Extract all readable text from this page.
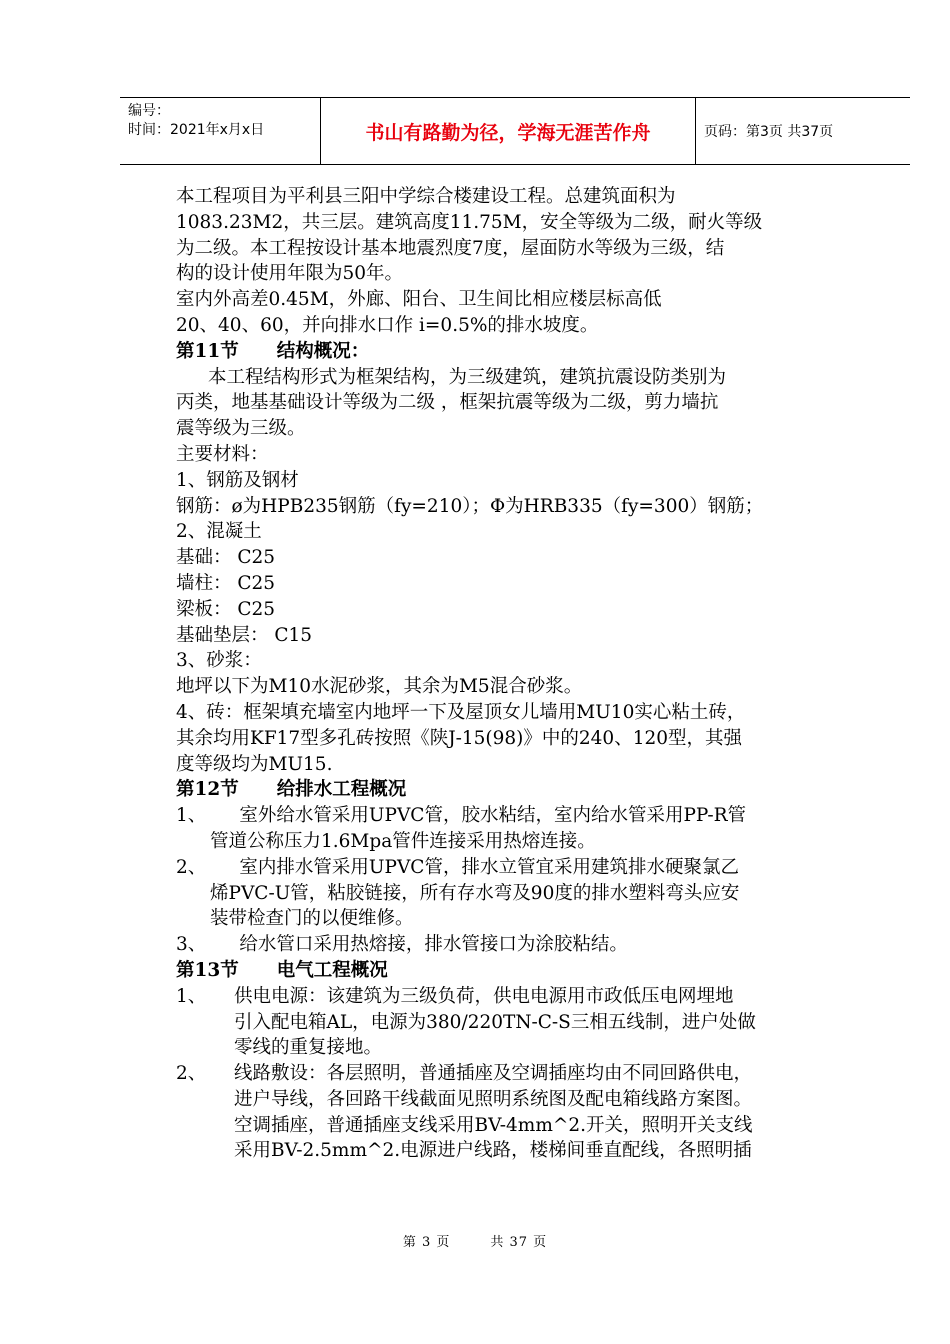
编号：
时间：2021年x月x日	书山有路勤为径，学海无涯苦作舟	页码：第3页 共37页

本工程项目为平利县三阳中学综合楼建设工程。总建筑面积为

1083.23M2，共三层。建筑高度11.75M，安全等级为二级，耐火等级

为二级。本工程按设计基本地震烈度7度，屋面防水等级为三级，结

构的设计使用年限为50年。

室内外高差0.45M，外廊、阳台、卫生间比相应楼层标高低

20、40、60，并向排水口作 i=0.5%的排水坡度。

第11节 结构概况：

本工程结构形式为框架结构，为三级建筑，建筑抗震设防类别为

丙类，地基基础设计等级为二级 ，框架抗震等级为二级，剪力墙抗

震等级为三级。

主要材料：

1、钢筋及钢材

钢筋：ø为HPB235钢筋（fy=210）；Φ为HRB335（fy=300）钢筋；

2、混凝土

基础： C25

墙柱： C25

梁板： C25

基础垫层： C15

3、砂浆：

地坪以下为M10水泥砂浆，其余为M5混合砂浆。

4、砖：框架填充墙室内地坪一下及屋顶女儿墙用MU10实心粘土砖，

其余均用KF17型多孔砖按照《陕J-15(98)》中的240、120型，其强

度等级均为MU15.

第12节 给排水工程概况

1、 室外给水管采用UPVC管，胶水粘结，室内给水管采用PP-R管

管道公称压力1.6Mpa管件连接采用热熔连接。

2、 室内排水管采用UPVC管，排水立管宜采用建筑排水硬聚氯乙

烯PVC-U管，粘胶链接，所有存水弯及90度的排水塑料弯头应安

装带检查门的以便维修。

3、 给水管口采用热熔接，排水管接口为涂胶粘结。

第13节 电气工程概况

1、	供电电源：该建筑为三级负荷，供电电源用市政低压电网埋地

引入配电箱AL，电源为380/220TN-C-S三相五线制，进户处做

零线的重复接地。

2、	线路敷设：各层照明，普通插座及空调插座均由不同回路供电，

进户导线，各回路干线截面见照明系统图及配电箱线路方案图。

空调插座，普通插座支线采用BV-4mm^2.开关，照明开关支线

采用BV-2.5mm^2.电源进户线路，楼梯间垂直配线，各照明插

第 3 页	共 37 页
